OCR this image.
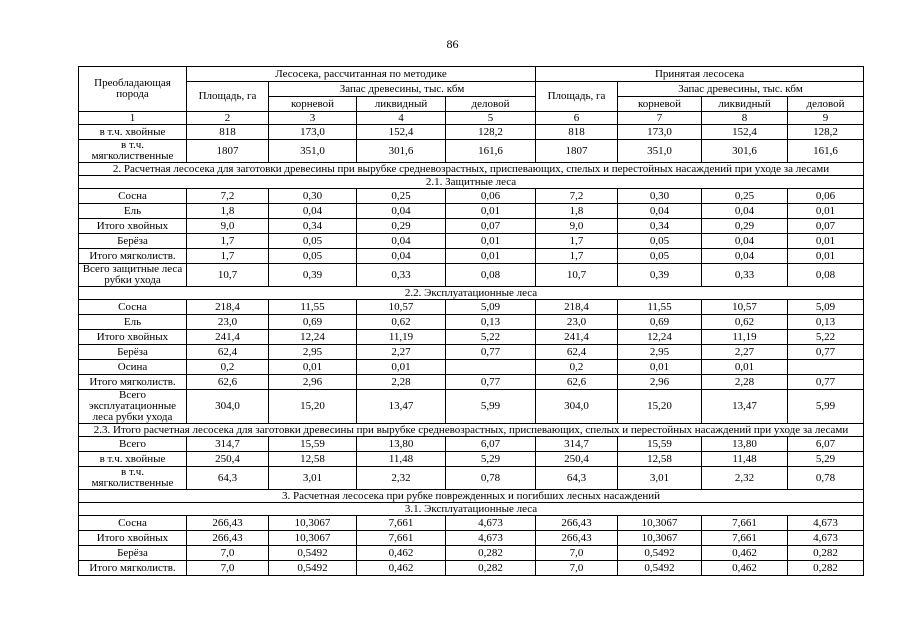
86
Преобладающая порода	Лесосека, рассчитанная по методике				Принятая лесосека			
	Площадь, га	Запас древесины, тыс. кбм			Площадь, га	Запас древесины, тыс. кбм		
		корневой	ликвидный	деловой		корневой	ликвидный	деловой
1	2	3	4	5	6	7	8	9
в т.ч. хвойные	818	173,0	152,4	128,2	818	173,0	152,4	128,2
в т.ч. мягколиственные	1807	351,0	301,6	161,6	1807	351,0	301,6	161,6
2. Расчетная лесосека для заготовки древесины при вырубке средневозрастных, приспевающих, спелых и перестойных насаждений при уходе за лесами								
2.1. Защитные леса								
Сосна	7,2	0,30	0,25	0,06	7,2	0,30	0,25	0,06
Ель	1,8	0,04	0,04	0,01	1,8	0,04	0,04	0,01
Итого хвойных	9,0	0,34	0,29	0,07	9,0	0,34	0,29	0,07
Берёза	1,7	0,05	0,04	0,01	1,7	0,05	0,04	0,01
Итого мягколиств.	1,7	0,05	0,04	0,01	1,7	0,05	0,04	0,01
Всего защитные леса рубки ухода	10,7	0,39	0,33	0,08	10,7	0,39	0,33	0,08
2.2. Эксплуатационные леса								
Сосна	218,4	11,55	10,57	5,09	218,4	11,55	10,57	5,09
Ель	23,0	0,69	0,62	0,13	23,0	0,69	0,62	0,13
Итого хвойных	241,4	12,24	11,19	5,22	241,4	12,24	11,19	5,22
Берёза	62,4	2,95	2,27	0,77	62,4	2,95	2,27	0,77
Осина	0,2	0,01	0,01		0,2	0,01	0,01	
Итого мягколиств.	62,6	2,96	2,28	0,77	62,6	2,96	2,28	0,77
Всего эксплуатационные леса рубки ухода	304,0	15,20	13,47	5,99	304,0	15,20	13,47	5,99
2.3. Итого расчетная лесосека для заготовки древесины при вырубке средневозрастных, приспевающих, спелых и перестойных насаждений при уходе за лесами								
Всего	314,7	15,59	13,80	6,07	314,7	15,59	13,80	6,07
в т.ч. хвойные	250,4	12,58	11,48	5,29	250,4	12,58	11,48	5,29
в т.ч. мягколиственные	64,3	3,01	2,32	0,78	64,3	3,01	2,32	0,78
3. Расчетная лесосека при рубке поврежденных и погибших лесных насаждений								
3.1. Эксплуатационные леса								
Сосна	266,43	10,3067	7,661	4,673	266,43	10,3067	7,661	4,673
Итого хвойных	266,43	10,3067	7,661	4,673	266,43	10,3067	7,661	4,673
Берёза	7,0	0,5492	0,462	0,282	7,0	0,5492	0,462	0,282
Итого мягколиств.	7,0	0,5492	0,462	0,282	7,0	0,5492	0,462	0,282
